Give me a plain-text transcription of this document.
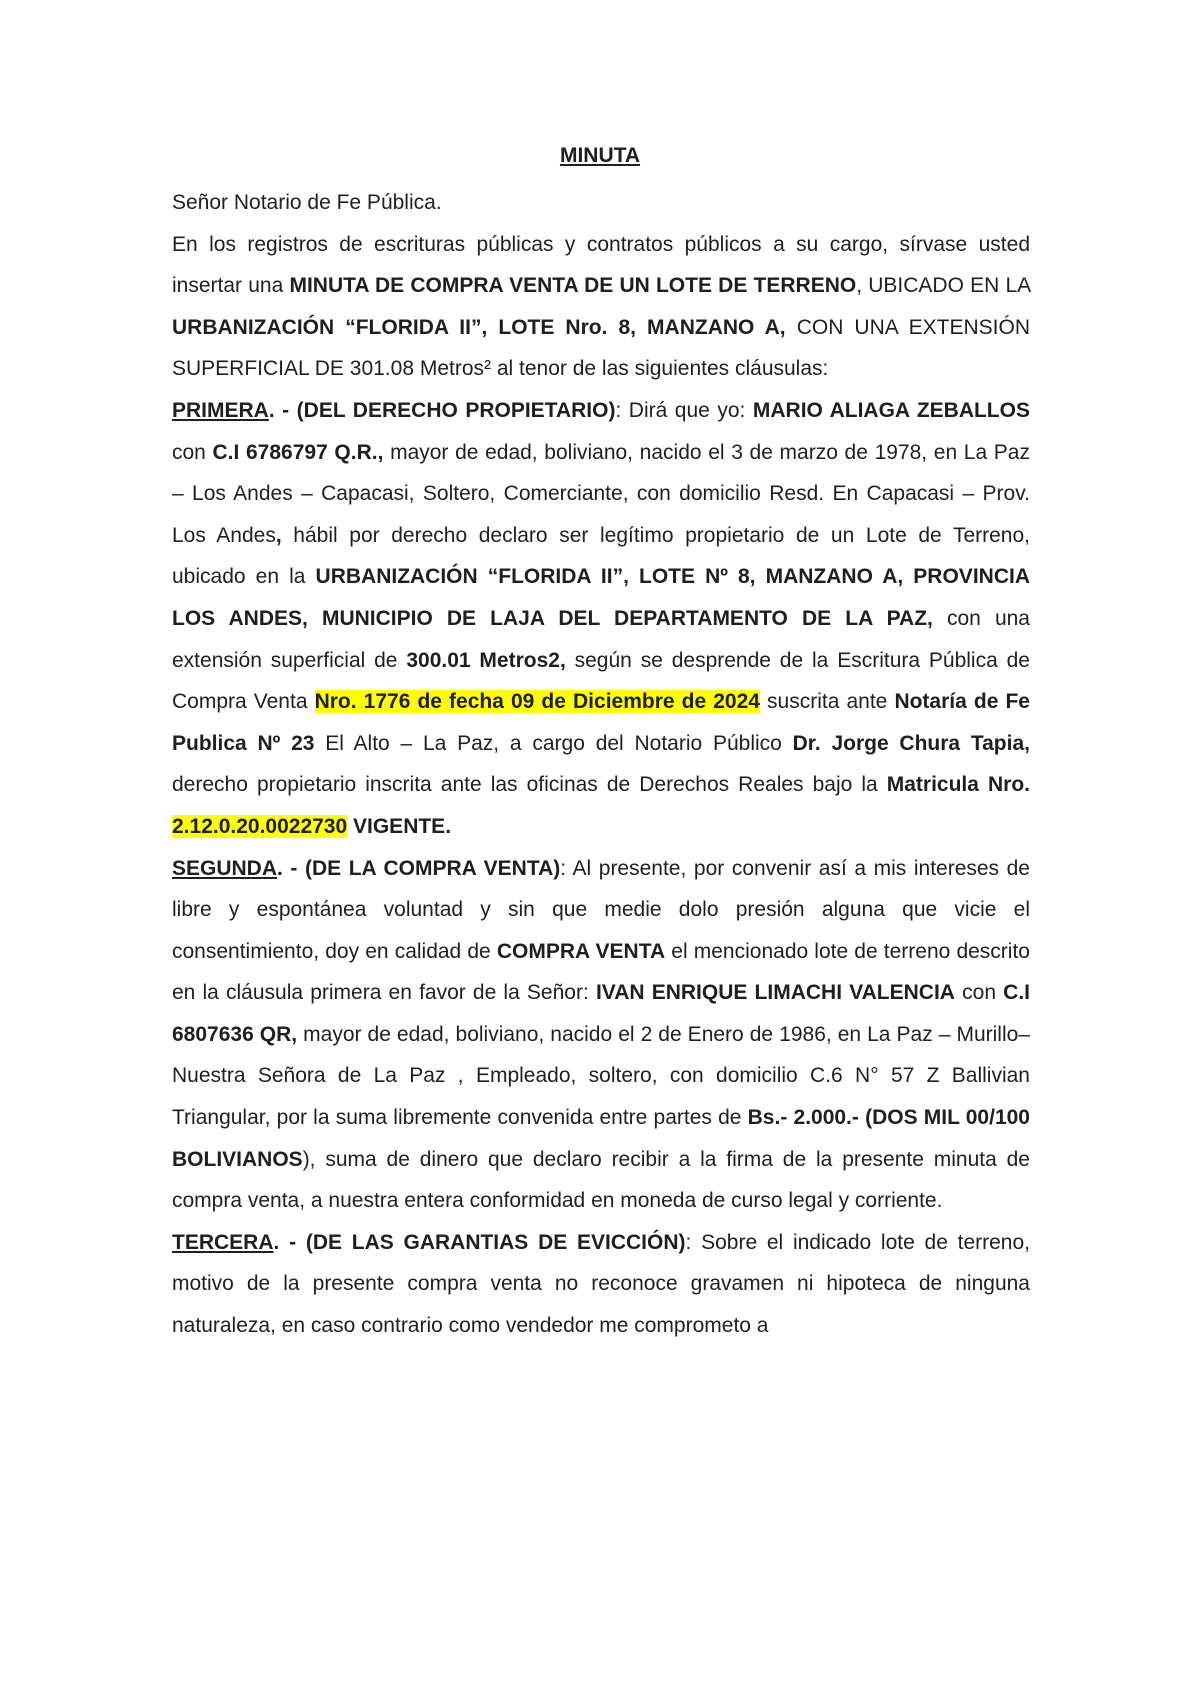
MINUTA

Señor Notario de Fe Pública.

En los registros de escrituras públicas y contratos públicos a su cargo, sírvase usted insertar una MINUTA DE COMPRA VENTA DE UN LOTE DE TERRENO, UBICADO EN LA URBANIZACIÓN “FLORIDA II”, LOTE Nro. 8, MANZANO A, CON UNA EXTENSIÓN SUPERFICIAL DE 301.08 Metros² al tenor de las siguientes cláusulas:

PRIMERA. - (DEL DERECHO PROPIETARIO): Dirá que yo: MARIO ALIAGA ZEBALLOS con C.I 6786797 Q.R., mayor de edad, boliviano, nacido el 3 de marzo de 1978, en La Paz – Los Andes – Capacasi, Soltero, Comerciante, con domicilio Resd. En Capacasi – Prov. Los Andes, hábil por derecho declaro ser legítimo propietario de un Lote de Terreno, ubicado en la URBANIZACIÓN “FLORIDA II”, LOTE Nº 8, MANZANO A, PROVINCIA LOS ANDES, MUNICIPIO DE LAJA DEL DEPARTAMENTO DE LA PAZ, con una extensión superficial de 300.01 Metros2, según se desprende de la Escritura Pública de Compra Venta Nro. 1776 de fecha 09 de Diciembre de 2024 suscrita ante Notaría de Fe Publica Nº 23 El Alto – La Paz, a cargo del Notario Público Dr. Jorge Chura Tapia, derecho propietario inscrita ante las oficinas de Derechos Reales bajo la Matricula Nro. 2.12.0.20.0022730 VIGENTE.

SEGUNDA. - (DE LA COMPRA VENTA): Al presente, por convenir así a mis intereses de libre y espontánea voluntad y sin que medie dolo presión alguna que vicie el consentimiento, doy en calidad de COMPRA VENTA el mencionado lote de terreno descrito en la cláusula primera en favor de la Señor: IVAN ENRIQUE LIMACHI VALENCIA con C.I 6807636 QR, mayor de edad, boliviano, nacido el 2 de Enero de 1986, en La Paz – Murillo– Nuestra Señora de La Paz , Empleado, soltero, con domicilio C.6 N° 57 Z Ballivian Triangular, por la suma libremente convenida entre partes de Bs.- 2.000.- (DOS MIL 00/100 BOLIVIANOS), suma de dinero que declaro recibir a la firma de la presente minuta de compra venta, a nuestra entera conformidad en moneda de curso legal y corriente.

TERCERA. - (DE LAS GARANTIAS DE EVICCIÓN): Sobre el indicado lote de terreno, motivo de la presente compra venta no reconoce gravamen ni hipoteca de ninguna naturaleza, en caso contrario como vendedor me comprometo a
